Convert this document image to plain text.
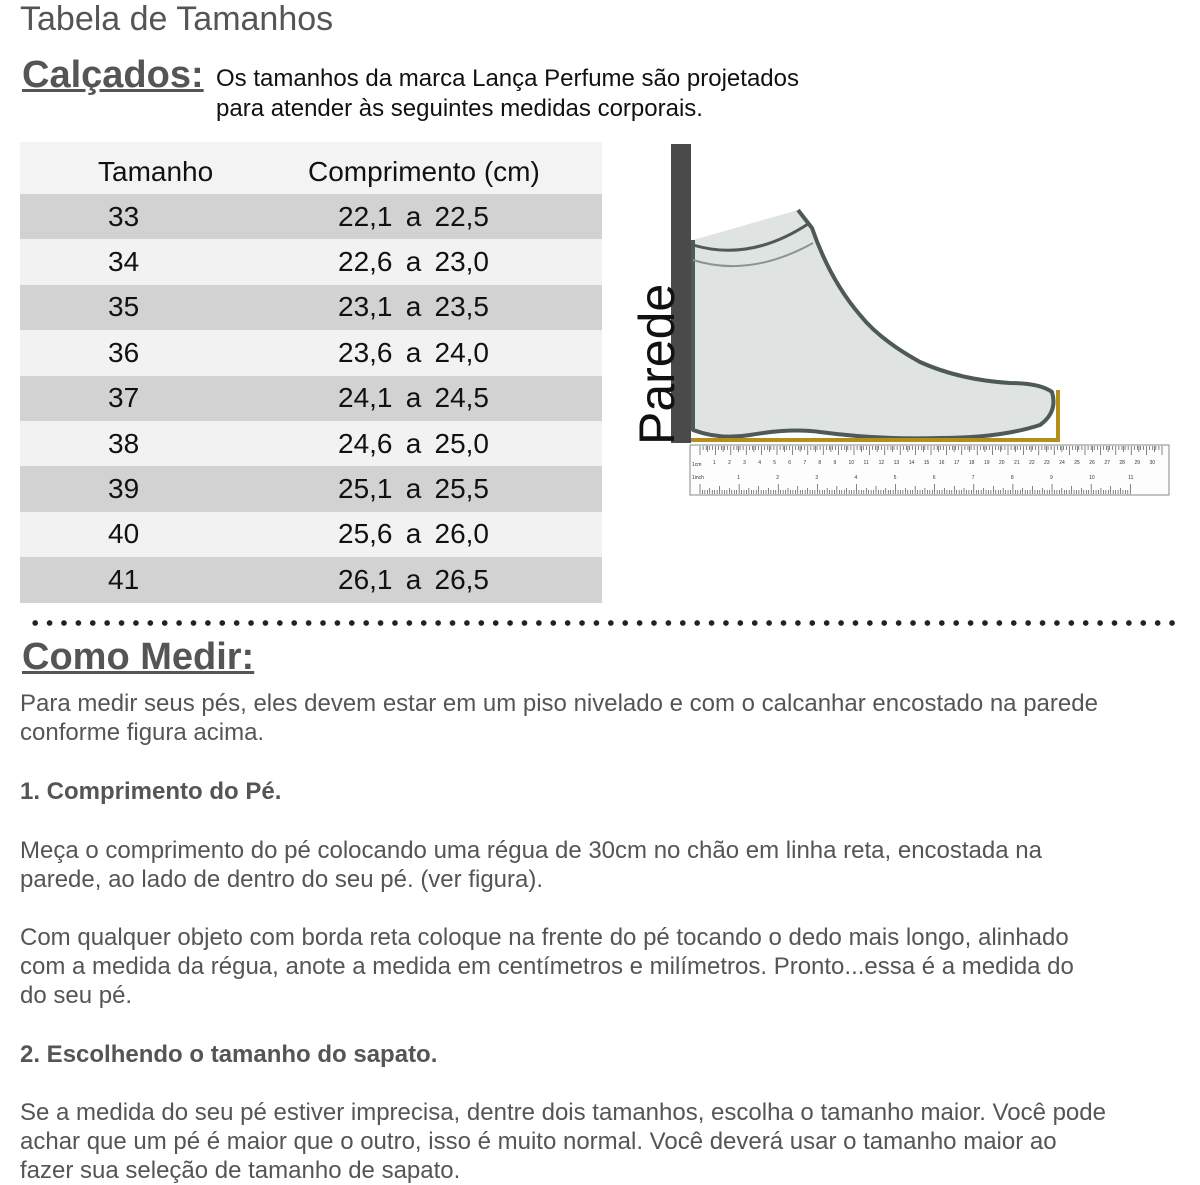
Tabela de Tamanhos
Calçados: Os tamanhos da marca Lança Perfume são projetados
para atender às seguintes medidas corporais.
Tamanho	Comprimento (cm)
33	22,1 a 22,5
34	22,6 a 23,0
35	23,1 a 23,5
36	23,6 a 24,0
37	24,1 a 24,5
38	24,6 a 25,0
39	25,1 a 25,5
40	25,6 a 26,0
41	26,1 a 26,5
1 2 3 4 5 6 7 8 9 10 11 12 13 14 15 16 17 18 19 20 21 22 23 24 25 26 27 28 29 30
1	2	3	4	5	6	7	8	9	10	11
1cm
1inch
Parede
Como Medir:
Para medir seus pés, eles devem estar em um piso nivelado e com o calcanhar encostado na parede
conforme figura acima.
1. Comprimento do Pé.
Meça o comprimento do pé colocando uma régua de 30cm no chão em linha reta, encostada na
parede, ao lado de dentro do seu pé. (ver figura).
Com qualquer objeto com borda reta coloque na frente do pé tocando o dedo mais longo, alinhado
com a medida da régua, anote a medida em centímetros e milímetros. Pronto...essa é a medida do
do seu pé.
2. Escolhendo o tamanho do sapato.
Se a medida do seu pé estiver imprecisa, dentre dois tamanhos, escolha o tamanho maior. Você pode
achar que um pé é maior que o outro, isso é muito normal. Você deverá usar o tamanho maior ao
fazer sua seleção de tamanho de sapato.
